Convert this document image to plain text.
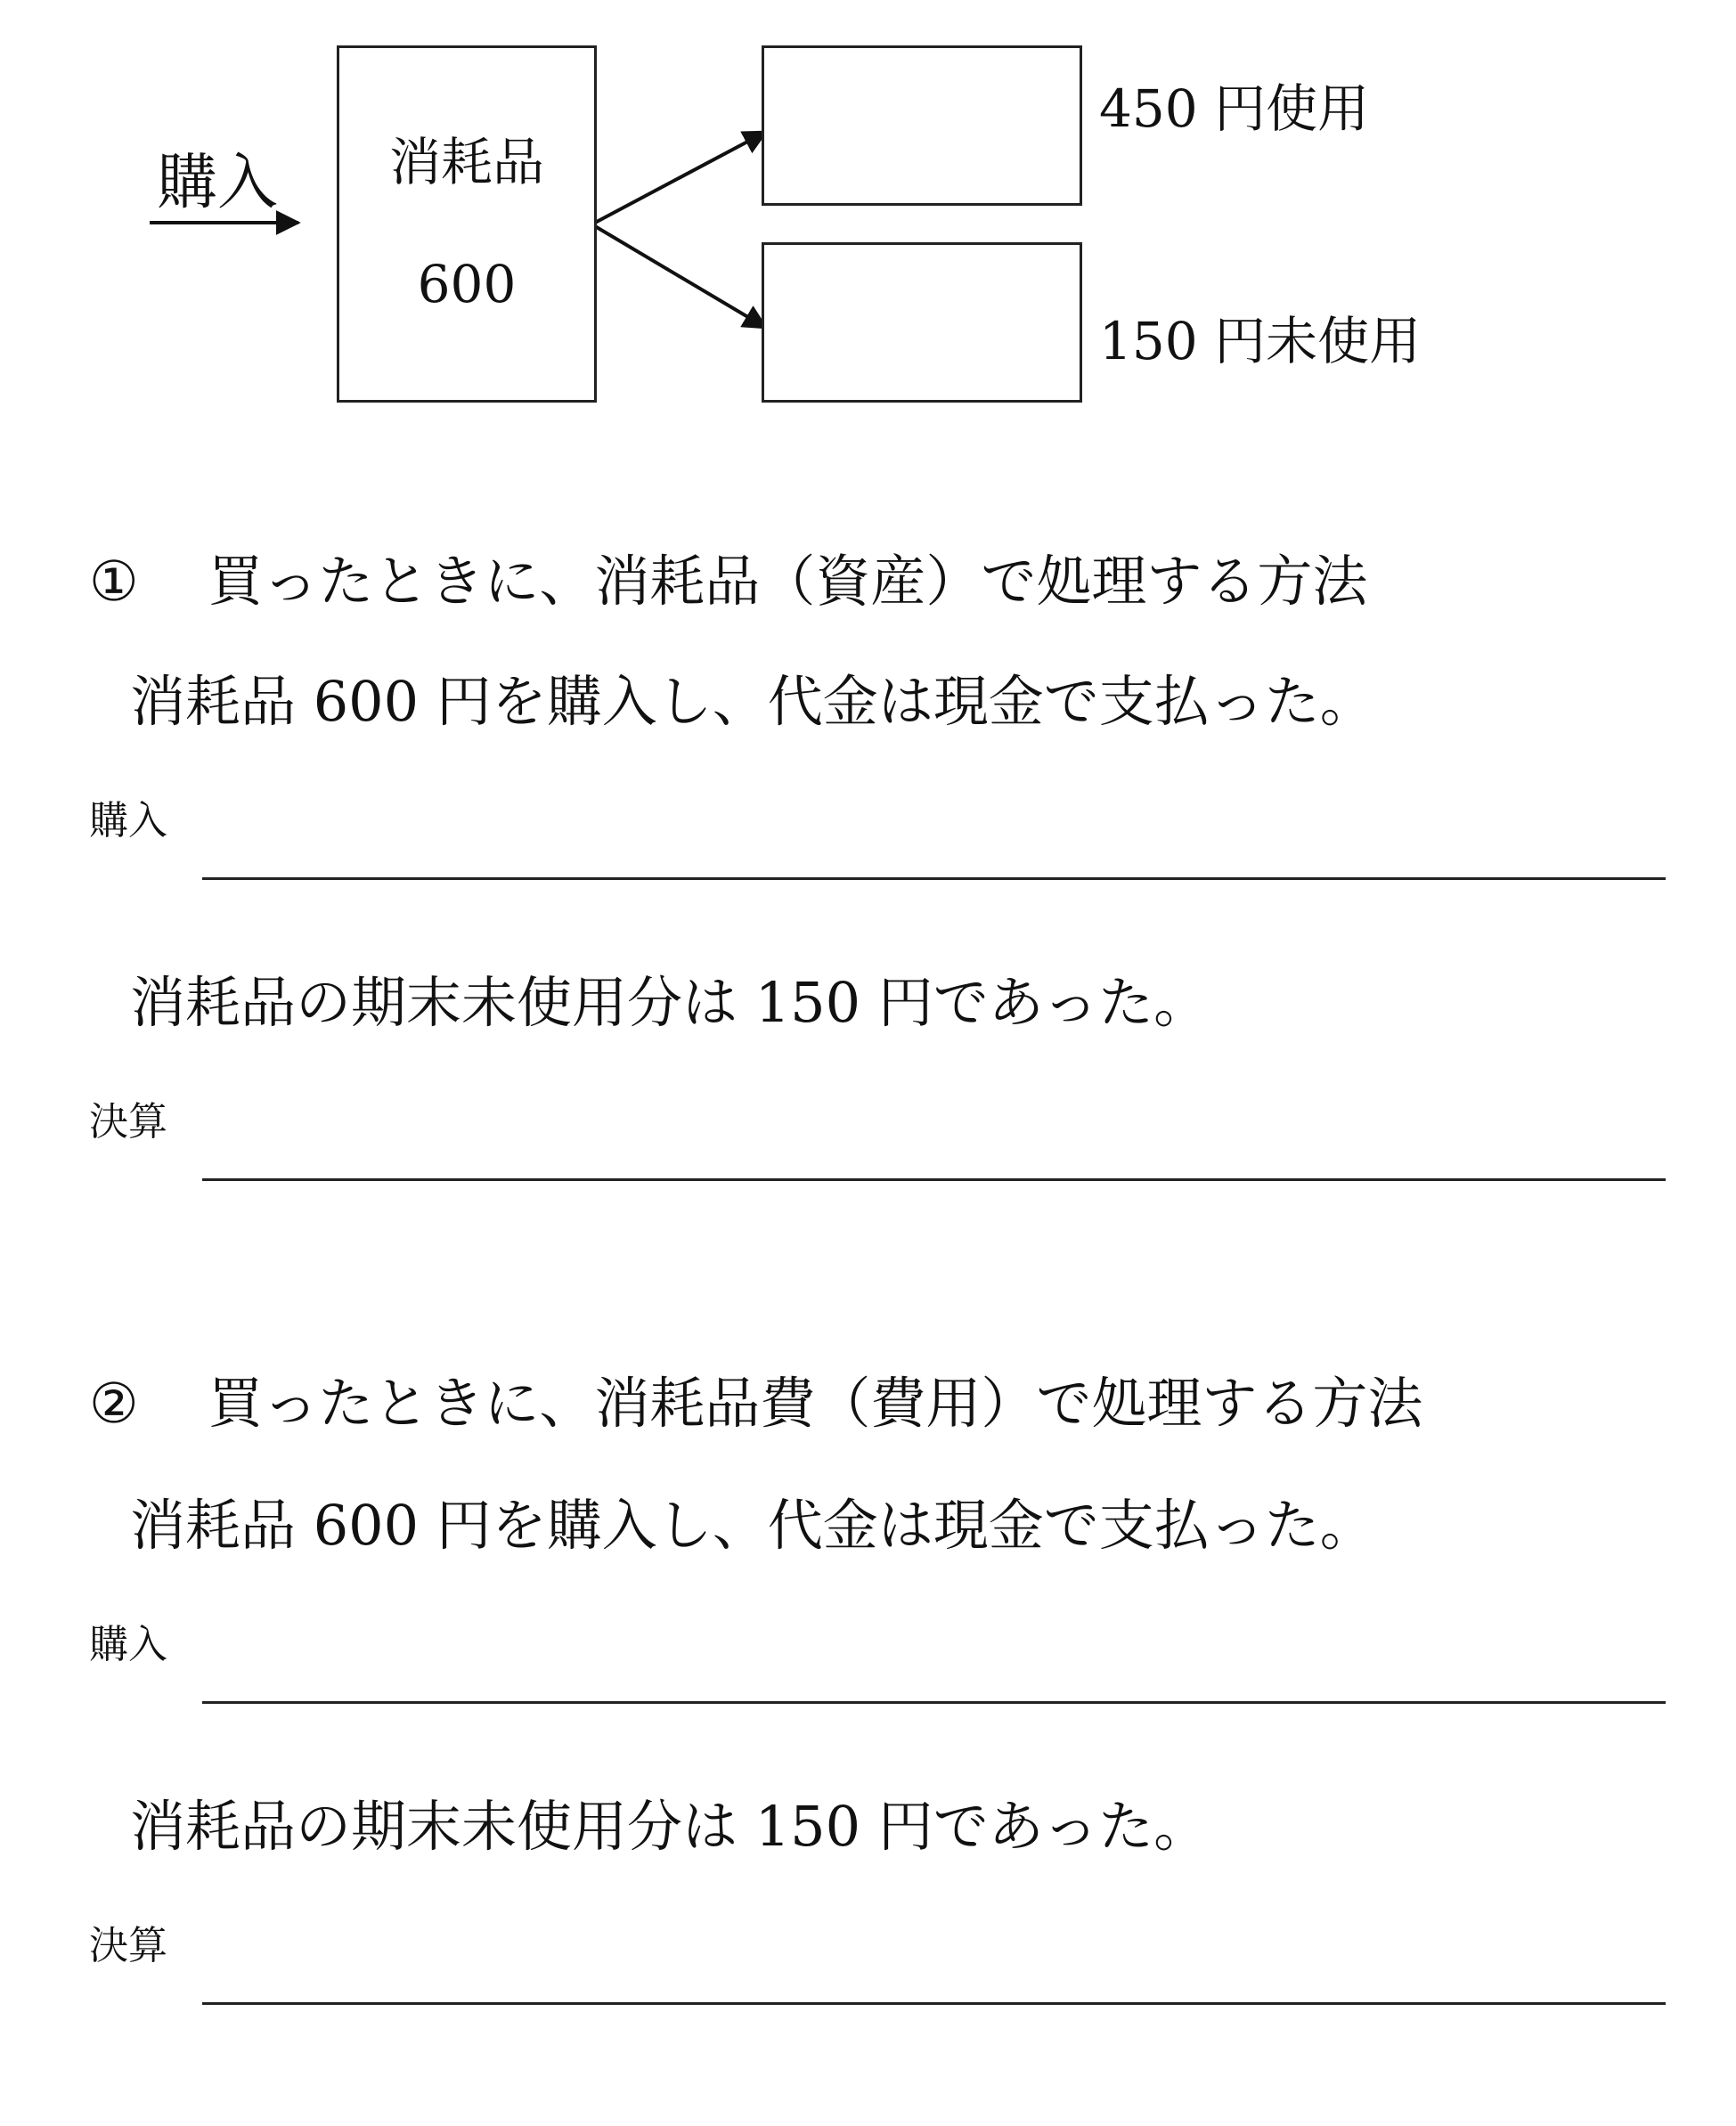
購入	消耗品
600
450 円使用
150 円未使用
① 買ったときに、消耗品（資産）で処理する方法
消耗品 600 円を購入し、代金は現金で支払った。
購入
消耗品の期末未使用分は 150 円であった。
決算
② 買ったときに、消耗品費（費用）で処理する方法
消耗品 600 円を購入し、代金は現金で支払った。
購入
消耗品の期末未使用分は 150 円であった。
決算
